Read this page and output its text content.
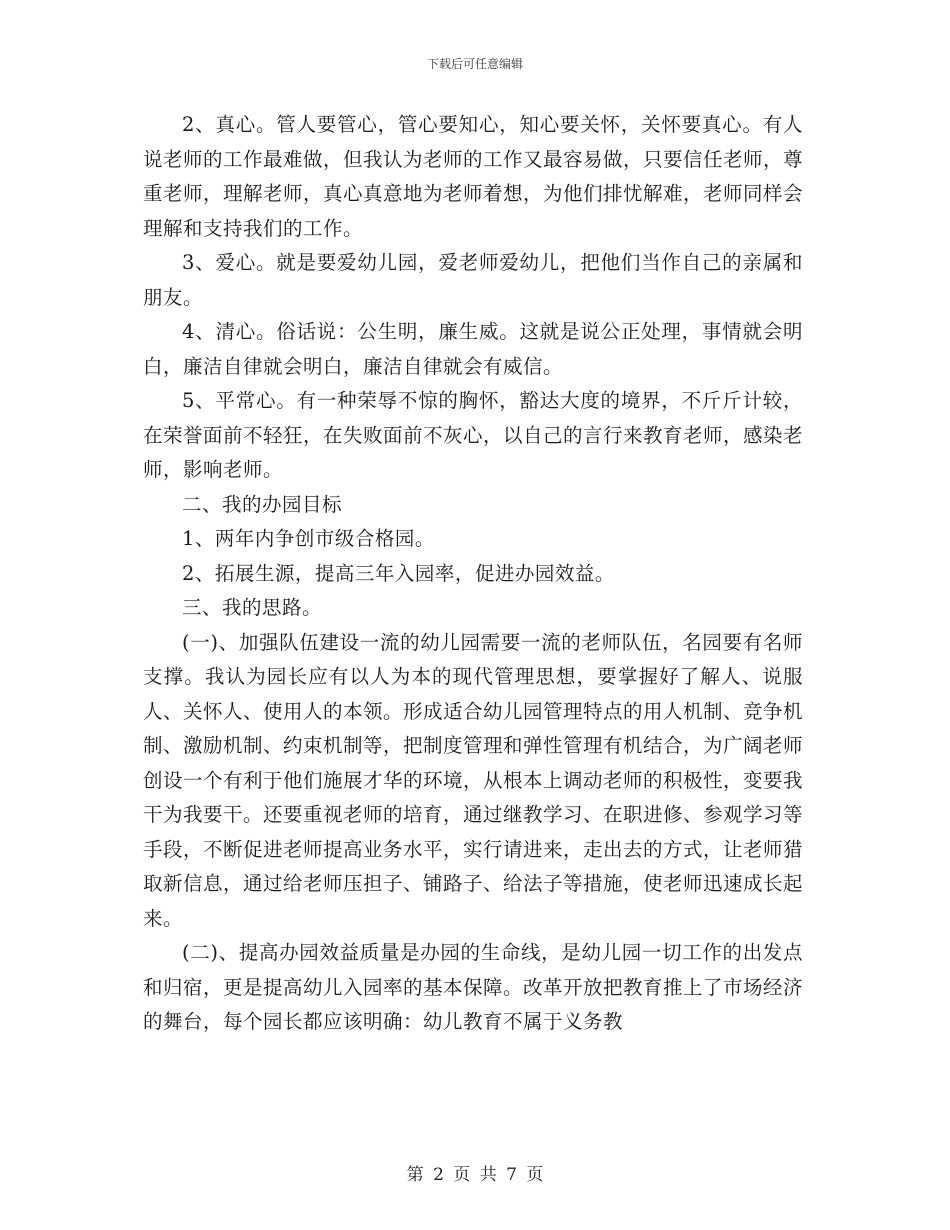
下载后可任意编辑

2、真心。管人要管心，管心要知心，知心要关怀，关怀要真心。有人说老师的工作最难做，但我认为老师的工作又最容易做，只要信任老师，尊重老师，理解老师，真心真意地为老师着想，为他们排忧解难，老师同样会理解和支持我们的工作。

3、爱心。就是要爱幼儿园，爱老师爱幼儿，把他们当作自己的亲属和朋友。

4、清心。俗话说：公生明，廉生威。这就是说公正处理，事情就会明白，廉洁自律就会明白，廉洁自律就会有威信。

5、平常心。有一种荣辱不惊的胸怀，豁达大度的境界，不斤斤计较，在荣誉面前不轻狂，在失败面前不灰心，以自己的言行来教育老师，感染老师，影响老师。

二、我的办园目标

1、两年内争创市级合格园。

2、拓展生源，提高三年入园率，促进办园效益。

三、我的思路。

(一)、加强队伍建设一流的幼儿园需要一流的老师队伍，名园要有名师支撑。我认为园长应有以人为本的现代管理思想，要掌握好了解人、说服人、关怀人、使用人的本领。形成适合幼儿园管理特点的用人机制、竞争机制、激励机制、约束机制等，把制度管理和弹性管理有机结合，为广阔老师创设一个有利于他们施展才华的环境，从根本上调动老师的积极性，变要我干为我要干。还要重视老师的培育，通过继教学习、在职进修、参观学习等手段，不断促进老师提高业务水平，实行请进来，走出去的方式，让老师猎取新信息，通过给老师压担子、铺路子、给法子等措施，使老师迅速成长起来。

(二)、提高办园效益质量是办园的生命线，是幼儿园一切工作的出发点和归宿，更是提高幼儿入园率的基本保障。改革开放把教育推上了市场经济的舞台，每个园长都应该明确：幼儿教育不属于义务教

第 2 页 共 7 页
